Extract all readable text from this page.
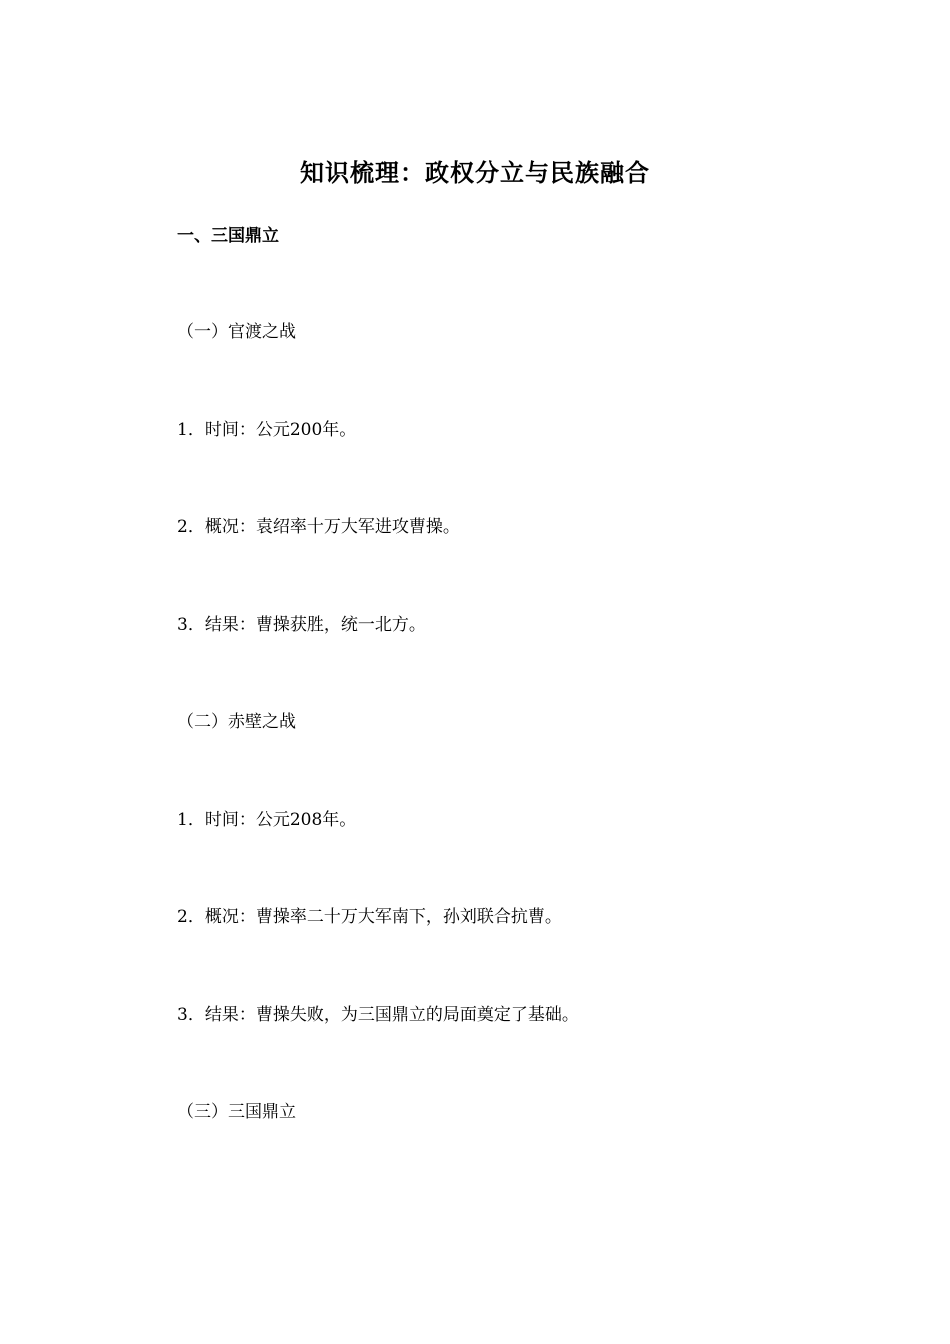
知识梳理：政权分立与民族融合
一、三国鼎立
（一）官渡之战
1．时间：公元200年。
2．概况：袁绍率十万大军进攻曹操。
3．结果：曹操获胜，统一北方。
（二）赤壁之战
1．时间：公元208年。
2．概况：曹操率二十万大军南下，孙刘联合抗曹。
3．结果：曹操失败，为三国鼎立的局面奠定了基础。
（三）三国鼎立
